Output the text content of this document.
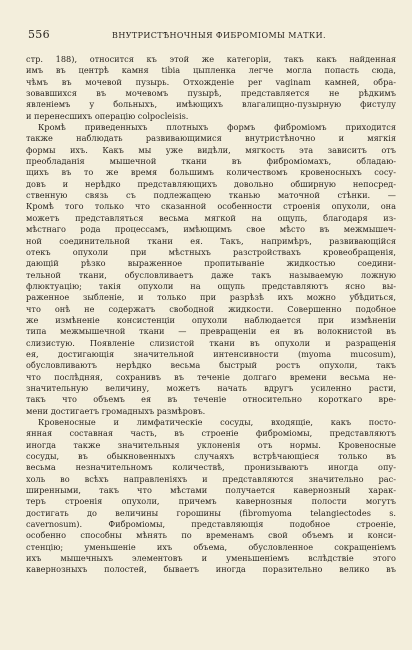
556	ВНУТРИСТѢНОЧНЫЯ ФИБРОМІОМЫ МАТКИ.
стр. 188), относится къ этой же категоріи, такъ какъ найденная
имъ въ центрѣ камня tibia цыпленка легче могла попасть сюда,
чѣмъ въ мочевой пузырь. Отхожденіе per vaginam камней, обра-
зовавшихся въ мочевомъ пузырѣ, представляется не рѣдкимъ
явленіемъ у больныхъ, имѣющихъ влагалищно-пузырную фистулу
и перенесшихъ операцію colpocleisis.
Кромѣ приведенныхъ плотныхъ формъ фиброміомъ приходится
также наблюдать развивающимися внутристѣночно и мягкія
формы ихъ. Какъ мы уже видѣли, мягкость эта зависитъ отъ
преобладанія мышечной ткани въ фиброміомахъ, обладаю-
щихъ въ то же время большимъ количествомъ кровеносныхъ сосу-
довъ и нерѣдко представляющихъ довольно обширную непосред-
ственную связь съ подлежащею тканью маточной стѣнки. —
Кромѣ того только что сказанной особенности строенія опухоли, она
можетъ представляться весьма мягкой на ощупь, благодаря из-
мѣстнаго рода процессамъ, имѣющимъ свое мѣсто въ межмышеч-
ной соединительной ткани ея. Такъ, напримѣръ, развивающійся
отекъ опухоли при мѣстныхъ разстройствахъ кровеобращенія,
дающій рѣзко выраженное пропитываніе жидкостью соедини-
тельной ткани, обусловливаетъ даже такъ называемую ложную
флюктуацію; такія опухоли на ощупь представляютъ ясно вы-
раженное зыбленіе, и только при разрѣзѣ ихъ можно убѣдиться,
что онѣ не содержатъ свободной жидкости. Совершенно подобное
же измѣненіе консистенціи опухоли наблюдается при измѣненіи
типа межмышечной ткани — превращеніи ея въ волокнистой въ
слизистую. Появленіе слизистой ткани въ опухоли и разращенія
ея, достигающія значительной интенсивности (myoma mucosum),
обусловливаютъ нерѣдко весьма быстрый ростъ опухоли, такъ
что послѣдняя, сохранивъ въ теченіе долгаго времени весьма не-
значительную величину, можетъ начать вдругъ усиленно расти,
такъ что объемъ ея въ теченіе относительно короткаго вре-
мени достигаетъ громадныхъ размѣровъ.
Кровеносные и лимфатическіе сосуды, входящіе, какъ посто-
янная составная часть, въ строеніе фиброміомы, представляютъ
иногда также значительныя уклоненія отъ нормы. Кровеносные
сосуды, въ обыкновенныхъ случаяхъ встрѣчающіеся только въ
весьма незначительномъ количествѣ, пронизываютъ иногда опу-
холь во всѣхъ направленіяхъ и представляются значительно рас-
ширенными, такъ что мѣстами получается кавернозный харак-
теръ строенія опухоли, причемъ кавернозныя полости могутъ
достигать до величины горошины (fibromyoma telangiectodes s.
cavernosum). Фиброміомы, представляющія подобное строеніе,
особенно способны мѣнять по временамъ свой объемъ и конси-
стенцію; уменьшеніе ихъ объема, обусловленное сокращеніемъ
ихъ мышечныхъ элементовъ и уменьшеніемъ вслѣдствіе этого
кавернозныхъ полостей, бываетъ иногда поразительно велико въ
